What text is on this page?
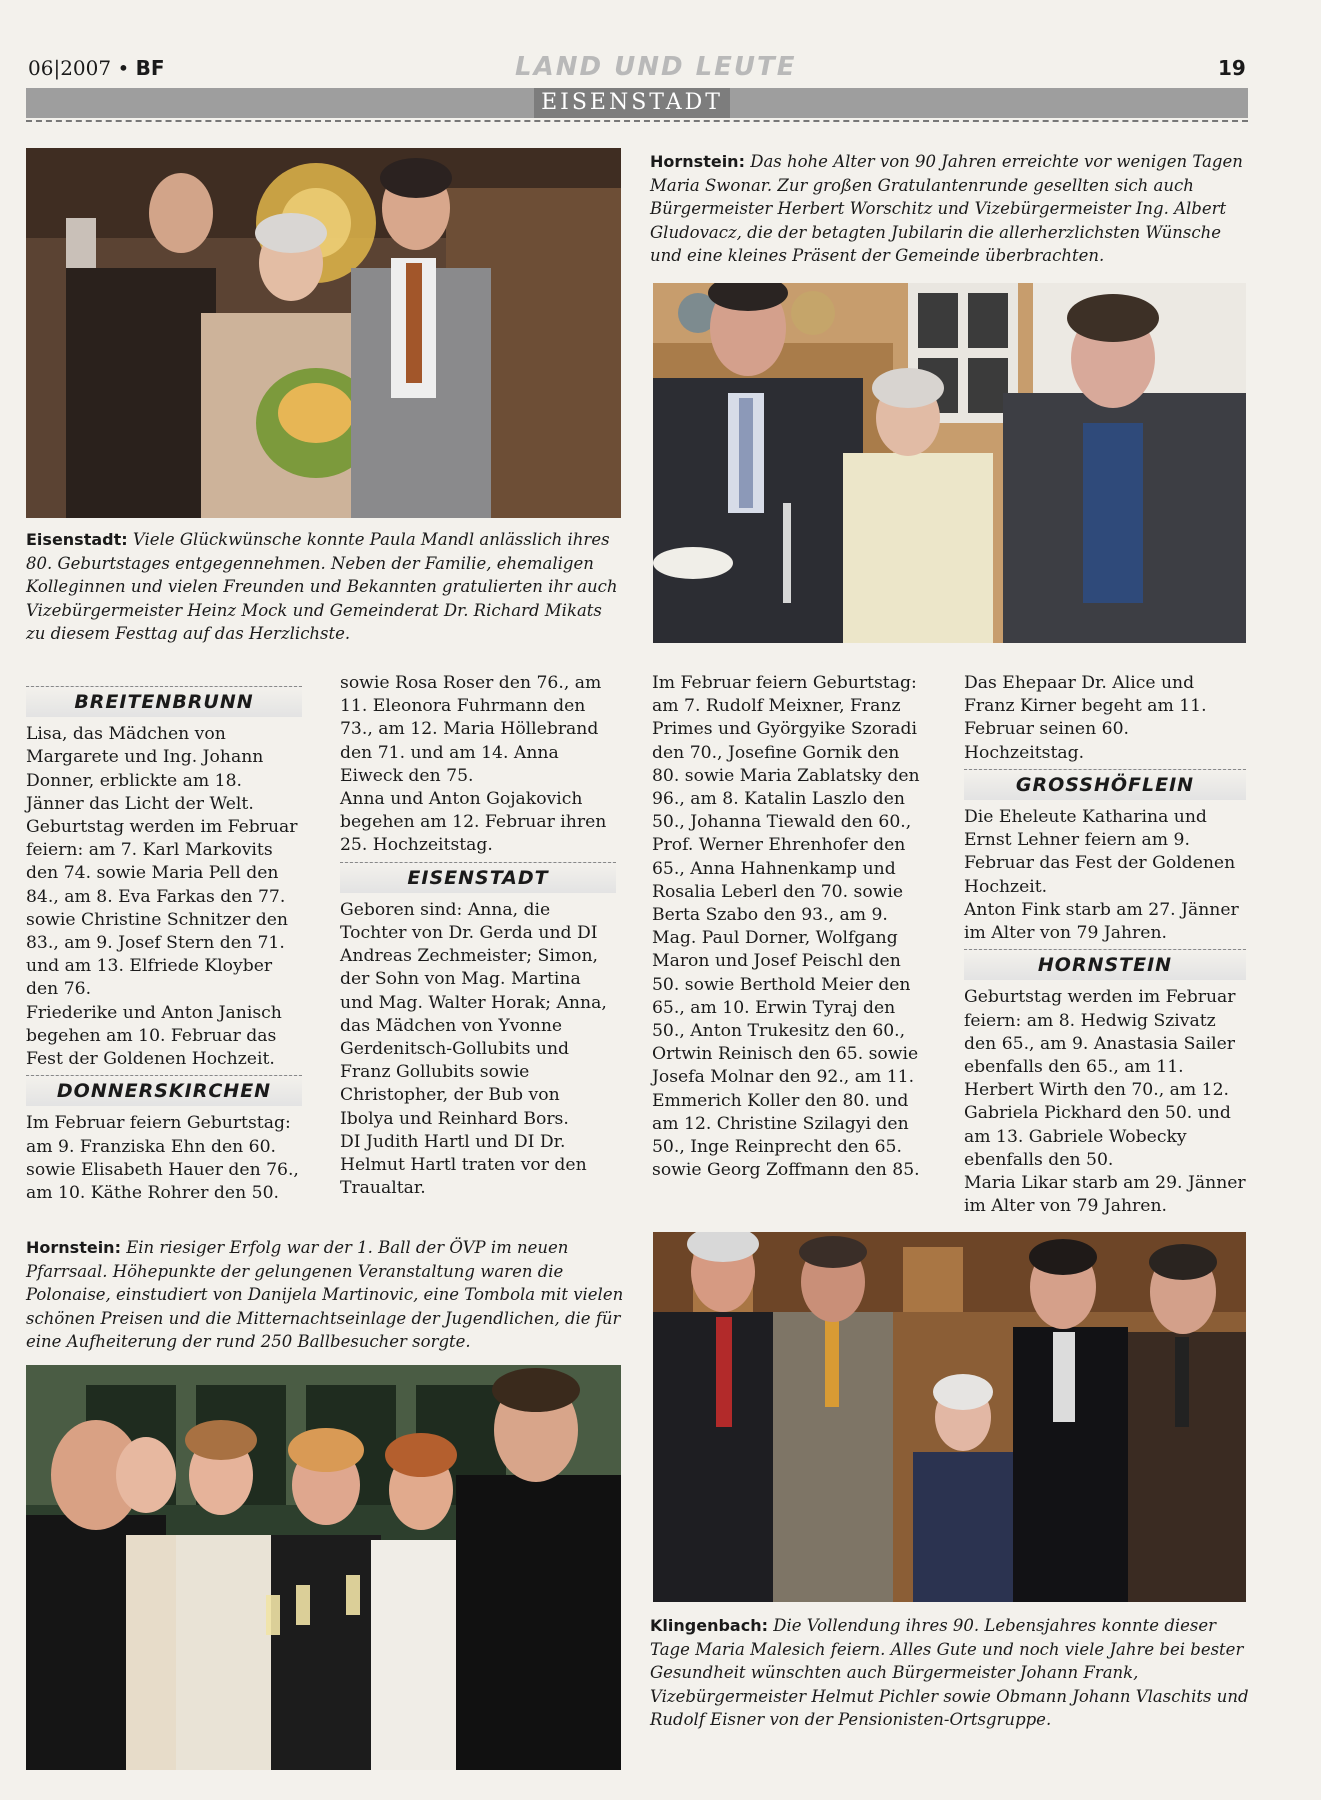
06|2007 • BF	LAND UND LEUTE	19
EISENSTADT
Eisenstadt: Viele Glückwünsche konnte Paula Mandl anlässlich ihres 80. Geburtstages entgegennehmen. Neben der Familie, ehemaligen Kolleginnen und vielen Freunden und Bekannten gratulierten ihr auch Vizebürgermeister Heinz Mock und Gemeinderat Dr. Richard Mikats zu diesem Festtag auf das Herzlichste.
Hornstein: Das hohe Alter von 90 Jahren erreichte vor wenigen Tagen Maria Swonar. Zur großen Gratulantenrunde gesellten sich auch Bürgermeister Herbert Worschitz und Vizebürgermeister Ing. Albert Gludovacz, die der betagten Jubilarin die allerherzlichsten Wünsche und eine kleines Präsent der Gemeinde überbrachten.
BREITENBRUNN

Lisa, das Mädchen von Margarete und Ing. Johann Donner, erblickte am 18. Jänner das Licht der Welt.

Geburtstag werden im Februar feiern: am 7. Karl Markovits den 74. sowie Maria Pell den 84., am 8. Eva Farkas den 77. sowie Christine Schnitzer den 83., am 9. Josef Stern den 71. und am 13. Elfriede Kloyber den 76.

Friederike und Anton Janisch begehen am 10. Februar das Fest der Goldenen Hochzeit.

DONNERSKIRCHEN

Im Februar feiern Geburtstag: am 9. Franziska Ehn den 60. sowie Elisabeth Hauer den 76., am 10. Käthe Rohrer den 50.

sowie Rosa Roser den 76., am 11. Eleonora Fuhrmann den 73., am 12. Maria Höllebrand den 71. und am 14. Anna Eiweck den 75.

Anna und Anton Gojakovich begehen am 12. Februar ihren 25. Hochzeitstag.

EISENSTADT

Geboren sind: Anna, die Tochter von Dr. Gerda und DI Andreas Zechmeister; Simon, der Sohn von Mag. Martina und Mag. Walter Horak; Anna, das Mädchen von Yvonne Gerdenitsch-Gollubits und Franz Gollubits sowie Christopher, der Bub von Ibolya und Reinhard Bors.

DI Judith Hartl und DI Dr. Helmut Hartl traten vor den Traualtar.

Im Februar feiern Geburtstag: am 7. Rudolf Meixner, Franz Primes und Györgyike Szoradi den 70., Josefine Gornik den 80. sowie Maria Zablatsky den 96., am 8. Katalin Laszlo den 50., Johanna Tiewald den 60., Prof. Werner Ehrenhofer den 65., Anna Hahnenkamp und Rosalia Leberl den 70. sowie Berta Szabo den 93., am 9. Mag. Paul Dorner, Wolfgang Maron und Josef Peischl den 50. sowie Berthold Meier den 65., am 10. Erwin Tyraj den 50., Anton Trukesitz den 60., Ortwin Reinisch den 65. sowie Josefa Molnar den 92., am 11. Emmerich Koller den 80. und am 12. Christine Szilagyi den 50., Inge Reinprecht den 65. sowie Georg Zoffmann den 85.

Das Ehepaar Dr. Alice und Franz Kirner begeht am 11. Februar seinen 60. Hochzeitstag.

GROSSHÖFLEIN

Die Eheleute Katharina und Ernst Lehner feiern am 9. Februar das Fest der Goldenen Hochzeit.

Anton Fink starb am 27. Jänner im Alter von 79 Jahren.

HORNSTEIN

Geburtstag werden im Februar feiern: am 8. Hedwig Szivatz den 65., am 9. Anastasia Sailer ebenfalls den 65., am 11. Herbert Wirth den 70., am 12. Gabriela Pickhard den 50. und am 13. Gabriele Wobecky ebenfalls den 50.

Maria Likar starb am 29. Jänner im Alter von 79 Jahren.

Hornstein: Ein riesiger Erfolg war der 1. Ball der ÖVP im neuen Pfarrsaal. Höhepunkte der gelungenen Veranstaltung waren die Polonaise, einstudiert von Danijela Martinovic, eine Tombola mit vielen schönen Preisen und die Mitternachtseinlage der Jugendlichen, die für eine Aufheiterung der rund 250 Ballbesucher sorgte.
Klingenbach: Die Vollendung ihres 90. Lebensjahres konnte dieser Tage Maria Malesich feiern. Alles Gute und noch viele Jahre bei bester Gesundheit wünschten auch Bürgermeister Johann Frank, Vizebürgermeister Helmut Pichler sowie Obmann Johann Vlaschits und Rudolf Eisner von der Pensionisten-Ortsgruppe.
